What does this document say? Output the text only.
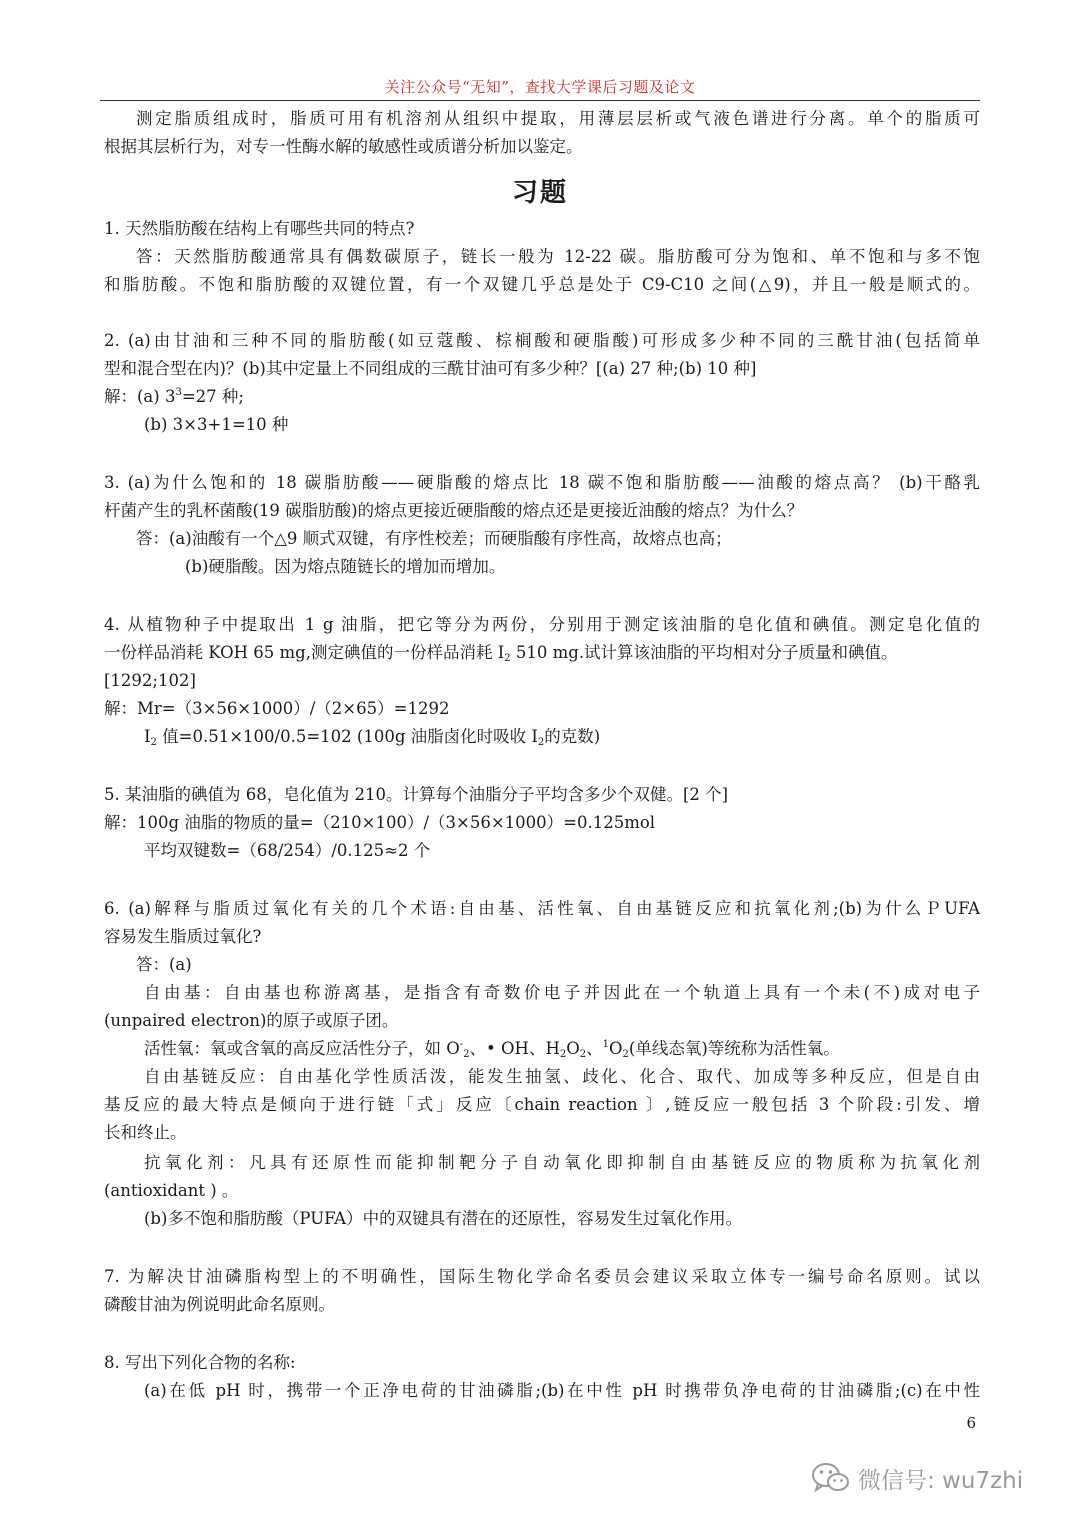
关注公众号“无知”，查找大学课后习题及论文
测定脂质组成时，脂质可用有机溶剂从组织中提取，用薄层层析或气液色谱进行分离。单个的脂质可
根据其层析行为，对专一性酶水解的敏感性或质谱分析加以鉴定。
习题
1. 天然脂肪酸在结构上有哪些共同的特点?
答：天然脂肪酸通常具有偶数碳原子，链长一般为 12-22 碳。脂肪酸可分为饱和、单不饱和与多不饱
和脂肪酸。不饱和脂肪酸的双键位置，有一个双键几乎总是处于 C9-C10 之间(△9)，并且一般是顺式的。
2. (a)由甘油和三种不同的脂肪酸(如豆蔻酸、棕榈酸和硬脂酸)可形成多少种不同的三酰甘油(包括简单
型和混合型在内)？(b)其中定量上不同组成的三酰甘油可有多少种？[(a) 27 种;(b) 10 种]
解：(a) $3^3=27$ 种;
(b) 3×3+1=10 种
3. (a)为什么饱和的 18 碳脂肪酸——硬脂酸的熔点比 18 碳不饱和脂肪酸——油酸的熔点高？ (b)干酪乳
杆菌产生的乳杯菌酸(19 碳脂肪酸)的熔点更接近硬脂酸的熔点还是更接近油酸的熔点？为什么？
答：(a)油酸有一个△9 顺式双键，有序性校差；而硬脂酸有序性高，故熔点也高；
(b)硬脂酸。因为熔点随链长的增加而增加。
4. 从植物种子中提取出 1 g 油脂，把它等分为两份，分别用于测定该油脂的皂化值和碘值。测定皂化值的
一份样品消耗 KOH 65 mg,测定碘值的一份样品消耗 $I_2$ 510 mg.试计算该油脂的平均相对分子质量和碘值。
[1292;102]
解：Mr=（3×56×1000）/（2×65）=1292
$I_2$ 值=0.51×100/0.5=102 (100g 油脂卤化时吸收 $I_2$的克数)
5. 某油脂的碘值为 68，皂化值为 210。计算每个油脂分子平均含多少个双健。[2 个]
解：100g 油脂的物质的量=（210×100）/（3×56×1000）=0.125mol
平均双键数=（68/254）/0.125≈2 个
6. (a)解释与脂质过氧化有关的几个术语:自由基、活性氧、自由基链反应和抗氧化剂;(b)为什么ＰUFA
容易发生脂质过氧化?
答：(a)
自由基：自由基也称游离基，是指含有奇数价电子并因此在一个轨道上具有一个未(不)成对电子
(unpaired electron)的原子或原子团。
活性氧：氧或含氧的高反应活性分子，如 $O^-_2$、• OH、$H_2O_2$、$^1O_2$(单线态氧)等统称为活性氧。
自由基链反应：自由基化学性质活泼，能发生抽氢、歧化、化合、取代、加成等多种反应，但是自由
基反应的最大特点是倾向于进行链「式」反应〔chain reaction 〕,链反应一般包括 3 个阶段:引发、增
长和终止。
抗氧化剂：凡具有还原性而能抑制靶分子自动氧化即抑制自由基链反应的物质称为抗氧化剂
(antioxidant ) 。
(b)多不饱和脂肪酸（PUFA）中的双键具有潜在的还原性，容易发生过氧化作用。
7. 为解决甘油磷脂构型上的不明确性，国际生物化学命名委员会建议采取立体专一编号命名原则。试以
磷酸甘油为例说明此命名原则。
8. 写出下列化合物的名称:
(a)在低 pH 时，携带一个正净电荷的甘油磷脂;(b)在中性 pH 时携带负净电荷的甘油磷脂;(c)在中性
6
微信号: wu7zhi
